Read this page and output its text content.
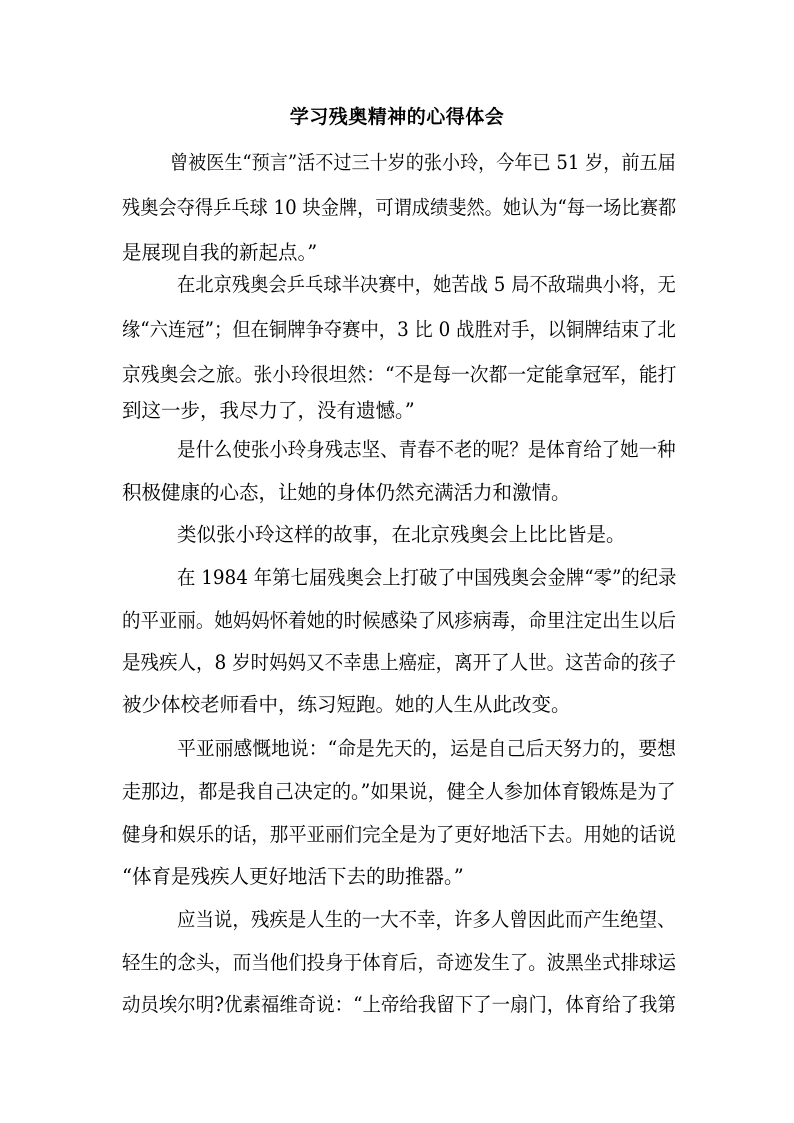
学习残奥精神的心得体会
曾被医生“预言”活不过三十岁的张小玲，今年已 51 岁，前五届
残奥会夺得乒乓球 10 块金牌，可谓成绩斐然。她认为“每一场比赛都
是展现自我的新起点。”
在北京残奥会乒乓球半决赛中，她苦战 5 局不敌瑞典小将，无
缘“六连冠”；但在铜牌争夺赛中，3 比 0 战胜对手，以铜牌结束了北
京残奥会之旅。张小玲很坦然：“不是每一次都一定能拿冠军，能打
到这一步，我尽力了，没有遗憾。”
是什么使张小玲身残志坚、青春不老的呢？是体育给了她一种
积极健康的心态，让她的身体仍然充满活力和激情。
类似张小玲这样的故事，在北京残奥会上比比皆是。
在 1984 年第七届残奥会上打破了中国残奥会金牌“零”的纪录
的平亚丽。她妈妈怀着她的时候感染了风疹病毒，命里注定出生以后
是残疾人，8 岁时妈妈又不幸患上癌症，离开了人世。这苦命的孩子
被少体校老师看中，练习短跑。她的人生从此改变。
平亚丽感慨地说：“命是先天的，运是自己后天努力的，要想
走那边，都是我自己决定的。”如果说，健全人参加体育锻炼是为了
健身和娱乐的话，那平亚丽们完全是为了更好地活下去。用她的话说
“体育是残疾人更好地活下去的助推器。”
应当说，残疾是人生的一大不幸，许多人曾因此而产生绝望、
轻生的念头，而当他们投身于体育后，奇迹发生了。波黑坐式排球运
动员埃尔明?优素福维奇说：“上帝给我留下了一扇门，体育给了我第
